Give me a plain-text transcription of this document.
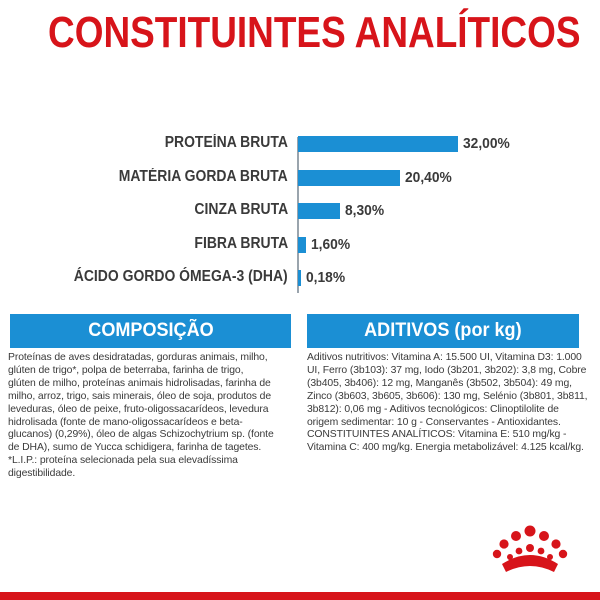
CONSTITUINTES ANALÍTICOS
PROTEÍNA BRUTA	32,00%
MATÉRIA GORDA BRUTA	20,40%
CINZA BRUTA	8,30%
FIBRA BRUTA 1,60%
ÁCIDO GORDO ÓMEGA-3 (DHA) 0,18%
COMPOSIÇÃO
Proteínas de aves desidratadas, gorduras animais, milho,
glúten de trigo*, polpa de beterraba, farinha de trigo,
glúten de milho, proteínas animais hidrolisadas, farinha de
milho, arroz, trigo, sais minerais, óleo de soja, produtos de
leveduras, óleo de peixe, fruto-oligossacarídeos, levedura
hidrolisada (fonte de mano-oligossacarídeos e beta-
glucanos) (0,29%), óleo de algas Schizochytrium sp. (fonte
de DHA), sumo de Yucca schidigera, farinha de tagetes.
*L.I.P.: proteína selecionada pela sua elevadíssima
digestibilidade.
ADITIVOS (por kg)
Aditivos nutritivos: Vitamina A: 15.500 UI, Vitamina D3: 1.000
UI, Ferro (3b103): 37 mg, Iodo (3b201, 3b202): 3,8 mg, Cobre
(3b405, 3b406): 12 mg, Manganês (3b502, 3b504): 49 mg,
Zinco (3b603, 3b605, 3b606): 130 mg, Selénio (3b801, 3b811,
3b812): 0,06 mg - Aditivos tecnológicos: Clinoptilolite de
origem sedimentar: 10 g - Conservantes - Antioxidantes.
CONSTITUINTES ANALÍTICOS: Vitamina E: 510 mg/kg -
Vitamina C: 400 mg/kg. Energia metabolizável: 4.125 kcal/kg.
